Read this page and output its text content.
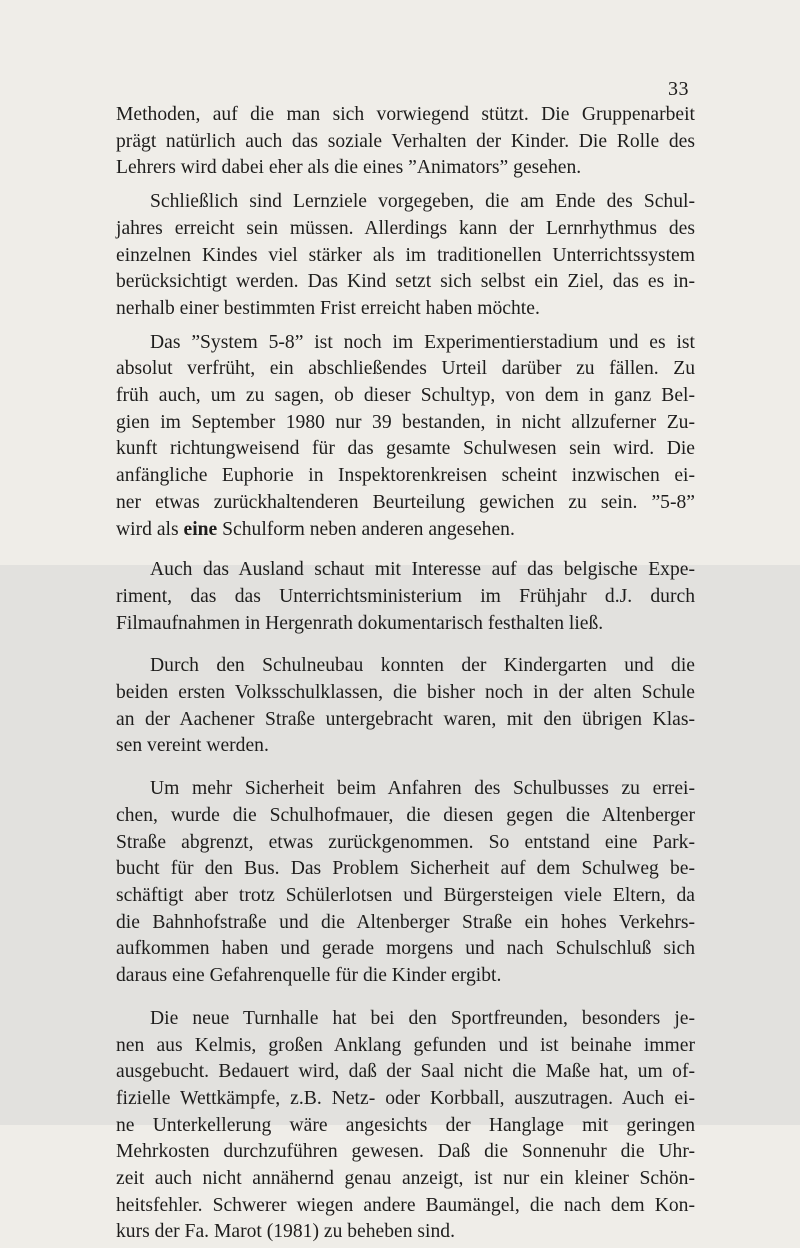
33

Methoden, auf die man sich vorwiegend stützt. Die Gruppenarbeit
prägt natürlich auch das soziale Verhalten der Kinder. Die Rolle des
Lehrers wird dabei eher als die eines ”Animators” gesehen.

Schließlich sind Lernziele vorgegeben, die am Ende des Schul-
jahres erreicht sein müssen. Allerdings kann der Lernrhythmus des
einzelnen Kindes viel stärker als im traditionellen Unterrichtssystem
berücksichtigt werden. Das Kind setzt sich selbst ein Ziel, das es in-
nerhalb einer bestimmten Frist erreicht haben möchte.

Das ”System 5-8” ist noch im Experimentierstadium und es ist
absolut verfrüht, ein abschließendes Urteil darüber zu fällen. Zu
früh auch, um zu sagen, ob dieser Schultyp, von dem in ganz Bel-
gien im September 1980 nur 39 bestanden, in nicht allzuferner Zu-
kunft richtungweisend für das gesamte Schulwesen sein wird. Die
anfängliche Euphorie in Inspektorenkreisen scheint inzwischen ei-
ner etwas zurückhaltenderen Beurteilung gewichen zu sein. ”5-8”
wird als eine Schulform neben anderen angesehen.

Auch das Ausland schaut mit Interesse auf das belgische Expe-
riment, das das Unterrichtsministerium im Frühjahr d.J. durch
Filmaufnahmen in Hergenrath dokumentarisch festhalten ließ.

Durch den Schulneubau konnten der Kindergarten und die
beiden ersten Volksschulklassen, die bisher noch in der alten Schule
an der Aachener Straße untergebracht waren, mit den übrigen Klas-
sen vereint werden.

Um mehr Sicherheit beim Anfahren des Schulbusses zu errei-
chen, wurde die Schulhofmauer, die diesen gegen die Altenberger
Straße abgrenzt, etwas zurückgenommen. So entstand eine Park-
bucht für den Bus. Das Problem Sicherheit auf dem Schulweg be-
schäftigt aber trotz Schülerlotsen und Bürgersteigen viele Eltern, da
die Bahnhofstraße und die Altenberger Straße ein hohes Verkehrs-
aufkommen haben und gerade morgens und nach Schulschluß sich
daraus eine Gefahrenquelle für die Kinder ergibt.

Die neue Turnhalle hat bei den Sportfreunden, besonders je-
nen aus Kelmis, großen Anklang gefunden und ist beinahe immer
ausgebucht. Bedauert wird, daß der Saal nicht die Maße hat, um of-
fizielle Wettkämpfe, z.B. Netz- oder Korbball, auszutragen. Auch ei-
ne Unterkellerung wäre angesichts der Hanglage mit geringen
Mehrkosten durchzuführen gewesen. Daß die Sonnenuhr die Uhr-
zeit auch nicht annähernd genau anzeigt, ist nur ein kleiner Schön-
heitsfehler. Schwerer wiegen andere Baumängel, die nach dem Kon-
kurs der Fa. Marot (1981) zu beheben sind.
